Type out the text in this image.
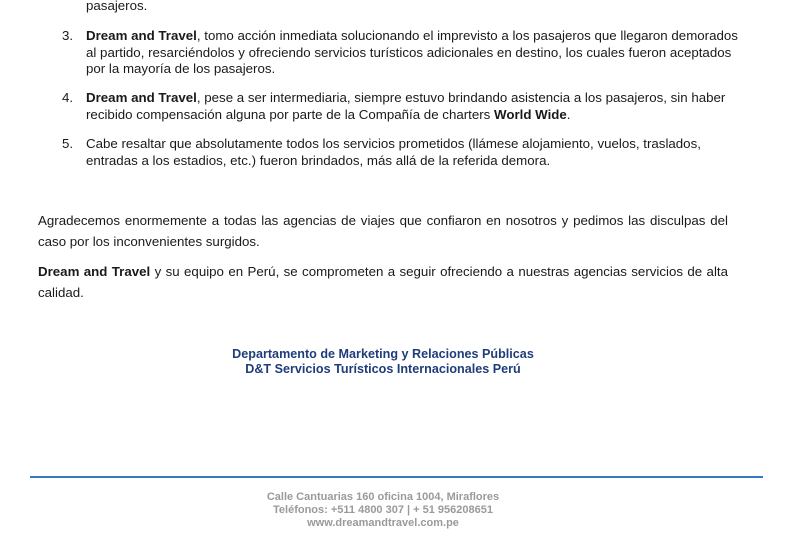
pasajeros.
3. Dream and Travel, tomo acción inmediata solucionando el imprevisto a los pasajeros que llegaron demorados al partido, resarciéndolos y ofreciendo servicios turísticos adicionales en destino, los cuales fueron aceptados por la mayoría de los pasajeros.
4. Dream and Travel, pese a ser intermediaria, siempre estuvo brindando asistencia a los pasajeros, sin haber recibido compensación alguna por parte de la Compañía de charters World Wide.
5. Cabe resaltar que absolutamente todos los servicios prometidos (llámese alojamiento, vuelos, traslados, entradas a los estadios, etc.) fueron brindados, más allá de la referida demora.

Agradecemos enormemente a todas las agencias de viajes que confiaron en nosotros y pedimos las disculpas del caso por los inconvenientes surgidos.

Dream and Travel y su equipo en Perú, se comprometen a seguir ofreciendo a nuestras agencias servicios de alta calidad.

Departamento de Marketing y Relaciones Públicas
D&T Servicios Turísticos Internacionales Perú
Calle Cantuarias 160 oficina 1004, Miraflores
Teléfonos: +511 4800 307 | + 51 956208651
www.dreamandtravel.com.pe
